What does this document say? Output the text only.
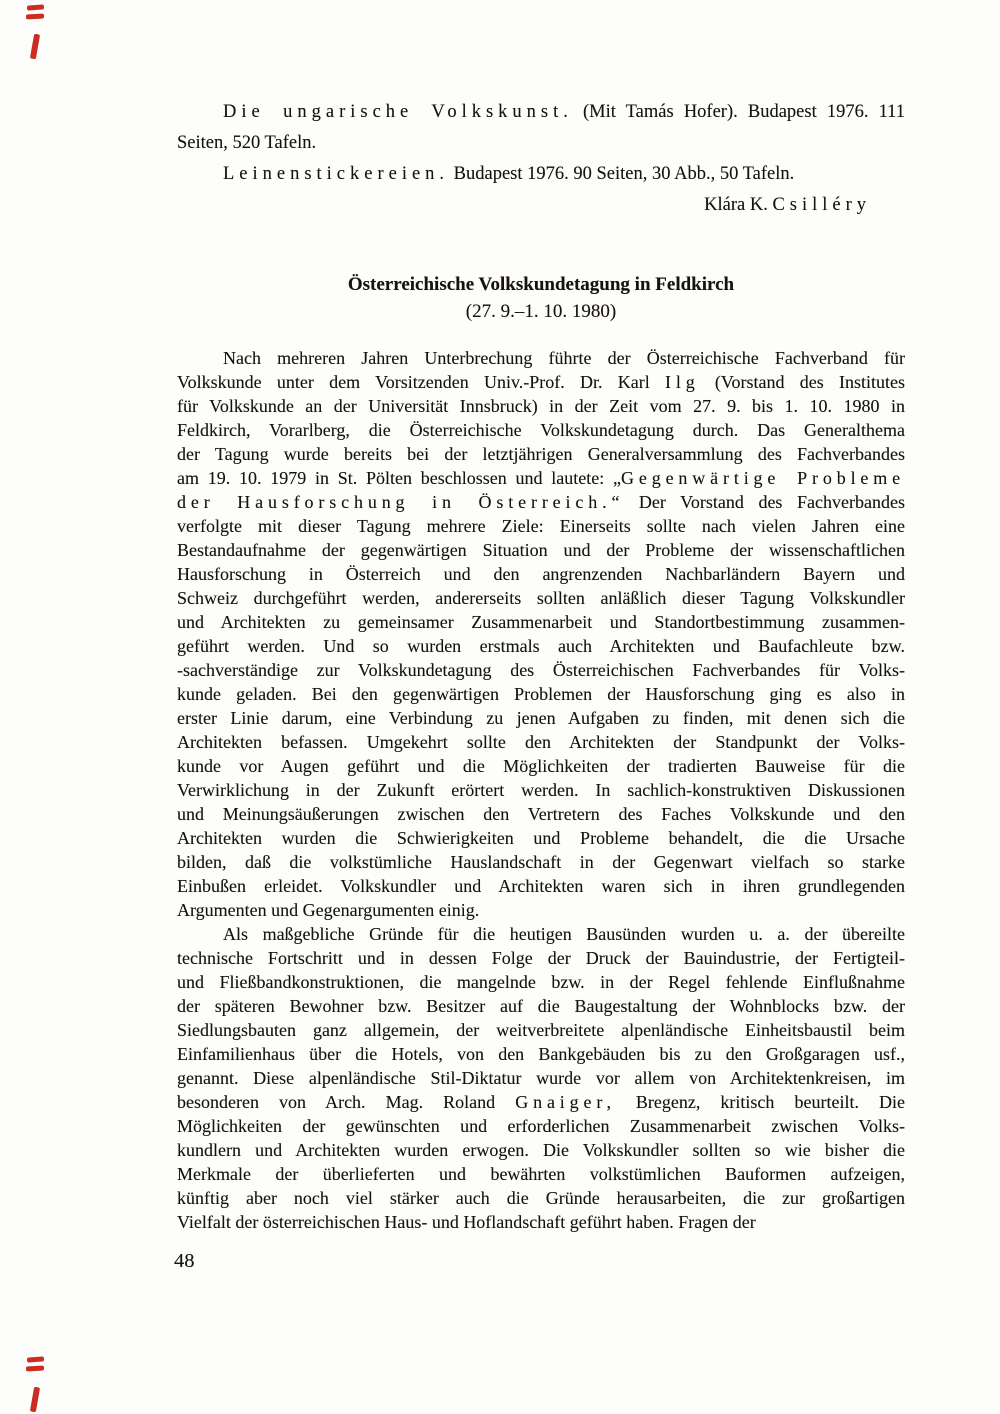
Die ungarische Volkskunst. (Mit Tamás Hofer). Budapest 1976. 111
Seiten, 520 Tafeln.
Leinenstickereien. Budapest 1976. 90 Seiten, 30 Abb., 50 Tafeln.
Klára K. Csilléry
Österreichische Volkskundetagung in Feldkirch
(27. 9.–1. 10. 1980)
Nach mehreren Jahren Unterbrechung führte der Österreichische Fachverband für
Volkskunde unter dem Vorsitzenden Univ.-Prof. Dr. Karl Ilg (Vorstand des Institutes
für Volkskunde an der Universität Innsbruck) in der Zeit vom 27. 9. bis 1. 10. 1980 in
Feldkirch, Vorarlberg, die Österreichische Volkskundetagung durch. Das Generalthema
der Tagung wurde bereits bei der letztjährigen Generalversammlung des Fachverbandes
am 19. 10. 1979 in St. Pölten beschlossen und lautete: „Gegenwärtige Probleme
der Hausforschung in Österreich.“ Der Vorstand des Fachverbandes
verfolgte mit dieser Tagung mehrere Ziele: Einerseits sollte nach vielen Jahren eine
Bestandaufnahme der gegenwärtigen Situation und der Probleme der wissenschaftlichen
Hausforschung in Österreich und den angrenzenden Nachbarländern Bayern und
Schweiz durchgeführt werden, andererseits sollten anläßlich dieser Tagung Volkskundler
und Architekten zu gemeinsamer Zusammenarbeit und Standortbestimmung zusammen-
geführt werden. Und so wurden erstmals auch Architekten und Baufachleute bzw.
-sachverständige zur Volkskundetagung des Österreichischen Fachverbandes für Volks-
kunde geladen. Bei den gegenwärtigen Problemen der Hausforschung ging es also in
erster Linie darum, eine Verbindung zu jenen Aufgaben zu finden, mit denen sich die
Architekten befassen. Umgekehrt sollte den Architekten der Standpunkt der Volks-
kunde vor Augen geführt und die Möglichkeiten der tradierten Bauweise für die
Verwirklichung in der Zukunft erörtert werden. In sachlich-konstruktiven Diskussionen
und Meinungsäußerungen zwischen den Vertretern des Faches Volkskunde und den
Architekten wurden die Schwierigkeiten und Probleme behandelt, die die Ursache
bilden, daß die volkstümliche Hauslandschaft in der Gegenwart vielfach so starke
Einbußen erleidet. Volkskundler und Architekten waren sich in ihren grundlegenden
Argumenten und Gegenargumenten einig.
Als maßgebliche Gründe für die heutigen Bausünden wurden u. a. der übereilte
technische Fortschritt und in dessen Folge der Druck der Bauindustrie, der Fertigteil-
und Fließbandkonstruktionen, die mangelnde bzw. in der Regel fehlende Einflußnahme
der späteren Bewohner bzw. Besitzer auf die Baugestaltung der Wohnblocks bzw. der
Siedlungsbauten ganz allgemein, der weitverbreitete alpenländische Einheitsbaustil beim
Einfamilienhaus über die Hotels, von den Bankgebäuden bis zu den Großgaragen usf.,
genannt. Diese alpenländische Stil-Diktatur wurde vor allem von Architektenkreisen, im
besonderen von Arch. Mag. Roland Gnaiger, Bregenz, kritisch beurteilt. Die
Möglichkeiten der gewünschten und erforderlichen Zusammenarbeit zwischen Volks-
kundlern und Architekten wurden erwogen. Die Volkskundler sollten so wie bisher die
Merkmale der überlieferten und bewährten volkstümlichen Bauformen aufzeigen,
künftig aber noch viel stärker auch die Gründe herausarbeiten, die zur großartigen
Vielfalt der österreichischen Haus- und Hoflandschaft geführt haben. Fragen der
48
